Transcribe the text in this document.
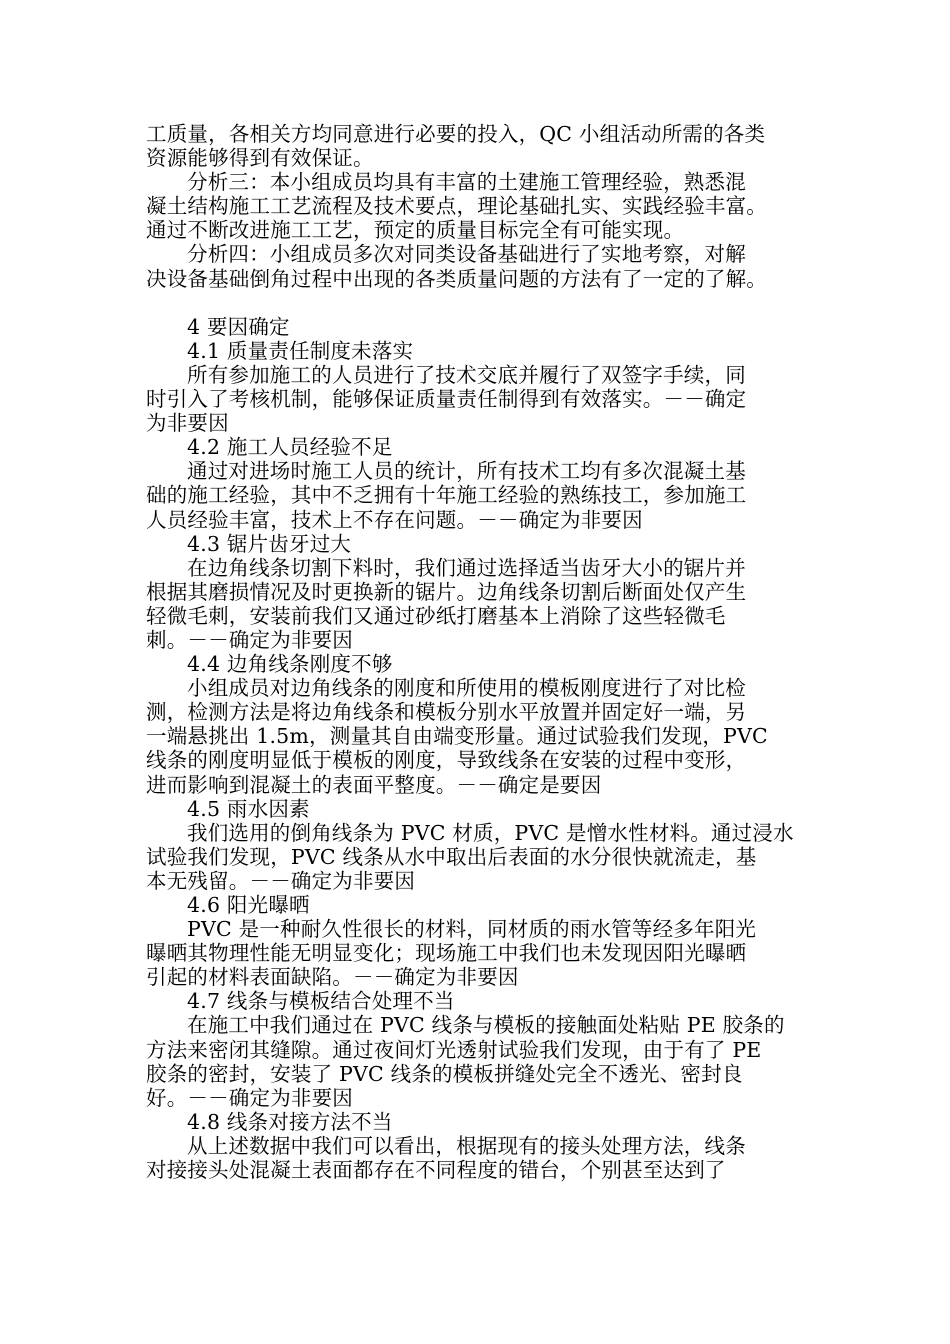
工质量，各相关方均同意进行必要的投入，QC 小组活动所需的各类
资源能够得到有效保证。
分析三：本小组成员均具有丰富的土建施工管理经验，熟悉混
凝土结构施工工艺流程及技术要点，理论基础扎实、实践经验丰富。
通过不断改进施工工艺，预定的质量目标完全有可能实现。
分析四：小组成员多次对同类设备基础进行了实地考察，对解
决设备基础倒角过程中出现的各类质量问题的方法有了一定的了解。
4 要因确定
4.1 质量责任制度未落实
所有参加施工的人员进行了技术交底并履行了双签字手续，同
时引入了考核机制，能够保证质量责任制得到有效落实。－－确定
为非要因
4.2 施工人员经验不足
通过对进场时施工人员的统计，所有技术工均有多次混凝土基
础的施工经验，其中不乏拥有十年施工经验的熟练技工，参加施工
人员经验丰富，技术上不存在问题。－－确定为非要因
4.3 锯片齿牙过大
在边角线条切割下料时，我们通过选择适当齿牙大小的锯片并
根据其磨损情况及时更换新的锯片。边角线条切割后断面处仅产生
轻微毛刺，安装前我们又通过砂纸打磨基本上消除了这些轻微毛
刺。－－确定为非要因
4.4 边角线条刚度不够
小组成员对边角线条的刚度和所使用的模板刚度进行了对比检
测，检测方法是将边角线条和模板分别水平放置并固定好一端，另
一端悬挑出 1.5m，测量其自由端变形量。通过试验我们发现，PVC
线条的刚度明显低于模板的刚度，导致线条在安装的过程中变形，
进而影响到混凝土的表面平整度。－－确定是要因
4.5 雨水因素
我们选用的倒角线条为 PVC 材质，PVC 是憎水性材料。通过浸水
试验我们发现，PVC 线条从水中取出后表面的水分很快就流走，基
本无残留。－－确定为非要因
4.6 阳光曝晒
PVC 是一种耐久性很长的材料，同材质的雨水管等经多年阳光
曝晒其物理性能无明显变化；现场施工中我们也未发现因阳光曝晒
引起的材料表面缺陷。－－确定为非要因
4.7 线条与模板结合处理不当
在施工中我们通过在 PVC 线条与模板的接触面处粘贴 PE 胶条的
方法来密闭其缝隙。通过夜间灯光透射试验我们发现，由于有了 PE
胶条的密封，安装了 PVC 线条的模板拼缝处完全不透光、密封良
好。－－确定为非要因
4.8 线条对接方法不当
从上述数据中我们可以看出，根据现有的接头处理方法，线条
对接接头处混凝土表面都存在不同程度的错台，个别甚至达到了
